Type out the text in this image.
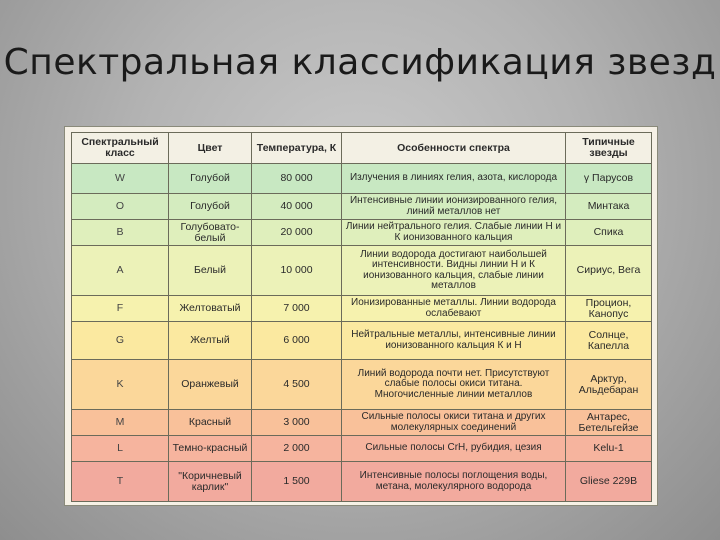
Спектральная классификация звезд
Спектральный класс	Цвет	Температура, К	Особенности спектра	Типичные звезды
W	Голубой	80 000	Излучения в линиях гелия, азота, кислорода	γ Парусов
O	Голубой	40 000	Интенсивные линии ионизированного гелия, линий металлов нет	Минтака
B	Голубовато-белый	20 000	Линии нейтрального гелия. Слабые линии Н и К ионизованного кальция	Спика
A	Белый	10 000	Линии водорода достигают наибольшей интенсивности. Видны линии Н и К ионизованного кальция, слабые линии металлов	Сириус, Вега
F	Желтоватый	7 000	Ионизированные металлы. Линии водорода ослабевают	Процион, Канопус
G	Желтый	6 000	Нейтральные металлы, интенсивные линии ионизованного кальция К и Н	Солнце, Капелла
K	Оранжевый	4 500	Линий водорода почти нет. Присутствуют слабые полосы окиси титана. Многочисленные линии металлов	Арктур, Альдебаран
M	Красный	3 000	Сильные полосы окиси титана и других молекулярных соединений	Антарес, Бетельгейзе
L	Темно-красный	2 000	Сильные полосы CrH, рубидия, цезия	Kelu-1
T	"Коричневый карлик"	1 500	Интенсивные полосы поглощения воды, метана, молекулярного водорода	Gliese 229B
